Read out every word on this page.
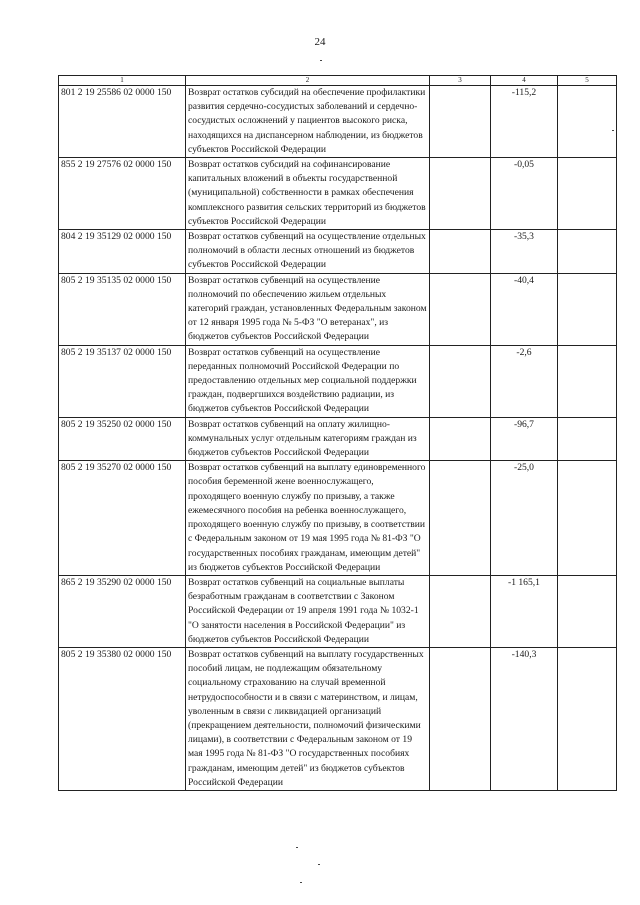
24
1	2	3	4	5
801 2 19 25586 02 0000 150	Возврат остатков субсидий на обеспечение профилактики развития сердечно-сосудистых заболеваний и сердечно-сосудистых осложнений у пациентов высокого риска, находящихся на диспансерном наблюдении, из бюджетов субъектов Российской Федерации		-115,2	
855 2 19 27576 02 0000 150	Возврат остатков субсидий на софинансирование капитальных вложений в объекты государственной (муниципальной) собственности в рамках обеспечения комплексного развития сельских территорий из бюджетов субъектов Российской Федерации		-0,05	
804 2 19 35129 02 0000 150	Возврат остатков субвенций на осуществление отдельных полномочий в области лесных отношений из бюджетов субъектов Российской Федерации		-35,3	
805 2 19 35135 02 0000 150	Возврат остатков субвенций на осуществление полномочий по обеспечению жильем отдельных категорий граждан, установленных Федеральным законом от 12 января 1995 года № 5-ФЗ "О ветеранах", из бюджетов субъектов Российской Федерации		-40,4	
805 2 19 35137 02 0000 150	Возврат остатков субвенций на осуществление переданных полномочий Российской Федерации по предоставлению отдельных мер социальной поддержки граждан, подвергшихся воздействию радиации, из бюджетов субъектов Российской Федерации		-2,6	
805 2 19 35250 02 0000 150	Возврат остатков субвенций на оплату жилищно-коммунальных услуг отдельным категориям граждан из бюджетов субъектов Российской Федерации		-96,7	
805 2 19 35270 02 0000 150	Возврат остатков субвенций на выплату единовременного пособия беременной жене военнослужащего, проходящего военную службу по призыву, а также ежемесячного пособия на ребенка военнослужащего, проходящего военную службу по призыву, в соответствии с Федеральным законом от 19 мая 1995 года № 81-ФЗ "О государственных пособиях гражданам, имеющим детей" из бюджетов субъектов Российской Федерации		-25,0	
865 2 19 35290 02 0000 150	Возврат остатков субвенций на социальные выплаты безработным гражданам в соответствии с Законом Российской Федерации от 19 апреля 1991 года № 1032-1 "О занятости населения в Российской Федерации" из бюджетов субъектов Российской Федерации		-1 165,1	
805 2 19 35380 02 0000 150	Возврат остатков субвенций на выплату государственных пособий лицам, не подлежащим обязательному социальному страхованию на случай временной нетрудоспособности и в связи с материнством, и лицам, уволенным в связи с ликвидацией организаций (прекращением деятельности, полномочий физическими лицами), в соответствии с Федеральным законом от 19 мая 1995 года № 81-ФЗ "О государственных пособиях гражданам, имеющим детей" из бюджетов субъектов Российской Федерации		-140,3	
